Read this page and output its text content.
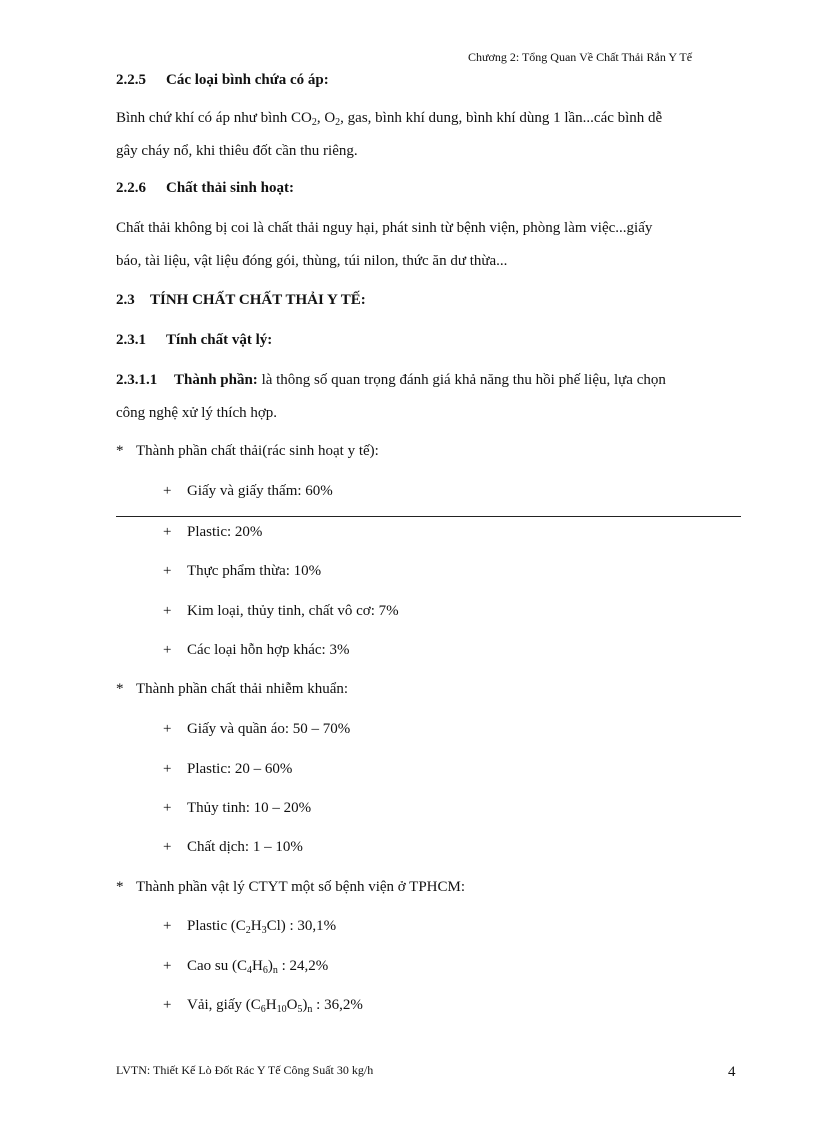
Chương 2: Tổng Quan Về Chất Thải Rắn Y Tế
2.2.5 Các loại bình chứa có áp:
Bình chứ khí có áp như bình $CO_2$, $O_2$, gas, bình khí dung, bình khí dùng 1 lần...các bình dễ
gây cháy nổ, khi thiêu đốt cần thu riêng.
2.2.6 Chất thải sinh hoạt:
Chất thải không bị coi là chất thải nguy hại, phát sinh từ bệnh viện, phòng làm việc...giấy
báo, tài liệu, vật liệu đóng gói, thùng, túi nilon, thức ăn dư thừa...
2.3 TÍNH CHẤT CHẤT THẢI Y TẾ:
2.3.1 Tính chất vật lý:
2.3.1.1 Thành phần: là thông số quan trọng đánh giá khả năng thu hồi phế liệu, lựa chọn
công nghệ xử lý thích hợp.
* Thành phần chất thải(rác sinh hoạt y tế):
+ Giấy và giấy thấm: 60%
+ Plastic: 20%
+ Thực phẩm thừa: 10%
+ Kim loại, thủy tinh, chất vô cơ: 7%
+ Các loại hỗn hợp khác: 3%
* Thành phần chất thải nhiễm khuẩn:
+ Giấy và quần áo: 50 – 70%
+ Plastic: 20 – 60%
+ Thủy tinh: 10 – 20%
+ Chất dịch: 1 – 10%
* Thành phần vật lý CTYT một số bệnh viện ở TPHCM:
+ Plastic $(C_2H_3Cl)$ : 30,1%
+ Cao su $(C_4H_6)_n$ : 24,2%
+ Vải, giấy $(C_6H_{10}O_5)_n$ : 36,2%
LVTN: Thiết Kế Lò Đốt Rác Y Tế Công Suất 30 kg/h	4
